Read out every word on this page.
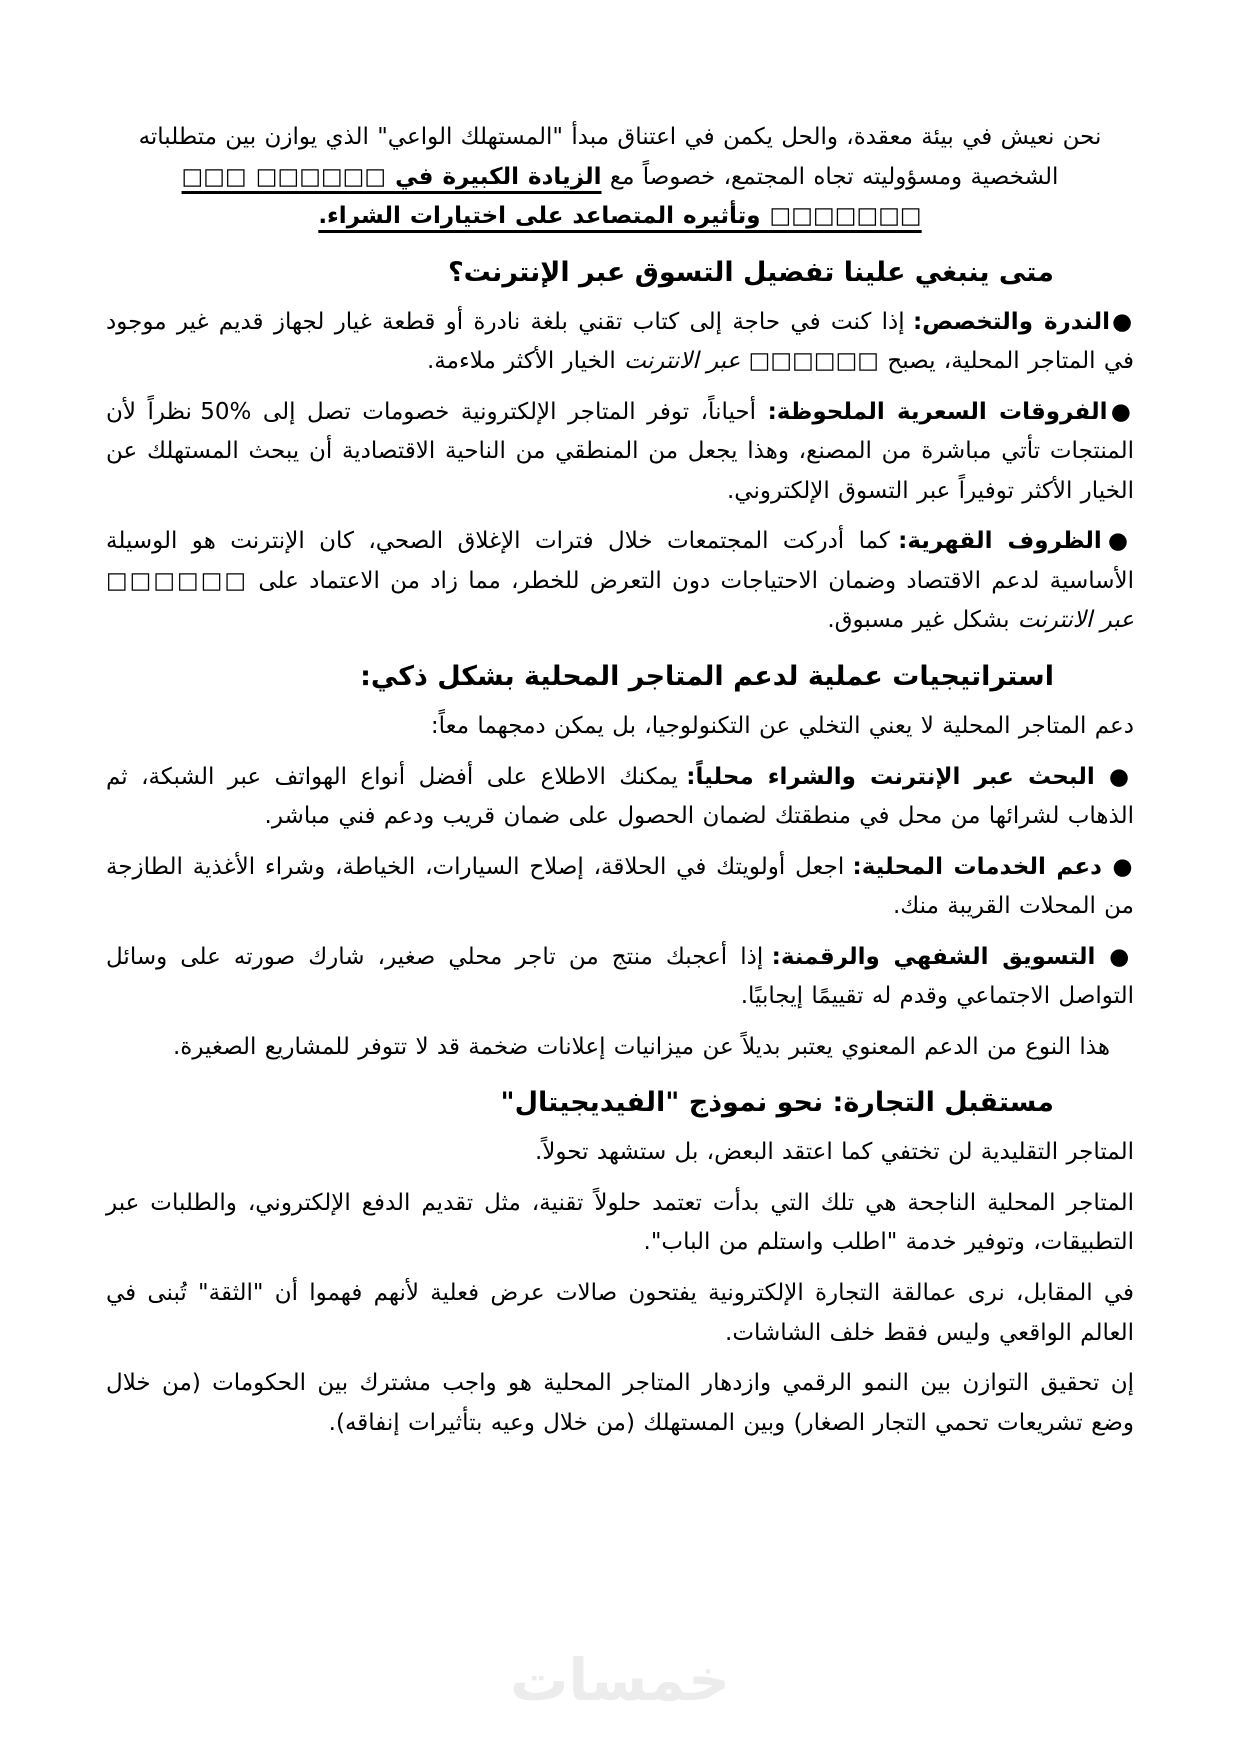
نحن نعيش في بيئة معقدة، والحل يكمن في اعتناق مبدأ "المستهلك الواعي" الذي يوازن بين متطلباته الشخصية ومسؤوليته تجاه المجتمع، خصوصاً مع الزيادة الكبيرة في □□□□□□ □□□ □□□□□□□ وتأثيره المتصاعد على اختيارات الشراء.

متى ينبغي علينا تفضيل التسوق عبر الإنترنت؟

●الندرة والتخصص: إذا كنت في حاجة إلى كتاب تقني بلغة نادرة أو قطعة غيار لجهاز قديم غير موجود في المتاجر المحلية، يصبح □□□□□□ عبر الانترنت الخيار الأكثر ملاءمة.

●الفروقات السعرية الملحوظة: أحياناً، توفر المتاجر الإلكترونية خصومات تصل إلى %50 نظراً لأن المنتجات تأتي مباشرة من المصنع، وهذا يجعل من المنطقي من الناحية الاقتصادية أن يبحث المستهلك عن الخيار الأكثر توفيراً عبر التسوق الإلكتروني.

●الظروف القهرية: كما أدركت المجتمعات خلال فترات الإغلاق الصحي، كان الإنترنت هو الوسيلة الأساسية لدعم الاقتصاد وضمان الاحتياجات دون التعرض للخطر، مما زاد من الاعتماد على □□□□□□ عبر الانترنت بشكل غير مسبوق.

استراتيجيات عملية لدعم المتاجر المحلية بشكل ذكي:

دعم المتاجر المحلية لا يعني التخلي عن التكنولوجيا، بل يمكن دمجهما معاً:

● البحث عبر الإنترنت والشراء محلياً: يمكنك الاطلاع على أفضل أنواع الهواتف عبر الشبكة، ثم الذهاب لشرائها من محل في منطقتك لضمان الحصول على ضمان قريب ودعم فني مباشر.

● دعم الخدمات المحلية: اجعل أولويتك في الحلاقة، إصلاح السيارات، الخياطة، وشراء الأغذية الطازجة من المحلات القريبة منك.

● التسويق الشفهي والرقمنة: إذا أعجبك منتج من تاجر محلي صغير، شارك صورته على وسائل التواصل الاجتماعي وقدم له تقييمًا إيجابيًا.

هذا النوع من الدعم المعنوي يعتبر بديلاً عن ميزانيات إعلانات ضخمة قد لا تتوفر للمشاريع الصغيرة.

مستقبل التجارة: نحو نموذج "الفيديجيتال"

المتاجر التقليدية لن تختفي كما اعتقد البعض، بل ستشهد تحولاً.

المتاجر المحلية الناجحة هي تلك التي بدأت تعتمد حلولاً تقنية، مثل تقديم الدفع الإلكتروني، والطلبات عبر التطبيقات، وتوفير خدمة "اطلب واستلم من الباب".

في المقابل، نرى عمالقة التجارة الإلكترونية يفتحون صالات عرض فعلية لأنهم فهموا أن "الثقة" تُبنى في العالم الواقعي وليس فقط خلف الشاشات.

إن تحقيق التوازن بين النمو الرقمي وازدهار المتاجر المحلية هو واجب مشترك بين الحكومات (من خلال وضع تشريعات تحمي التجار الصغار) وبين المستهلك (من خلال وعيه بتأثيرات إنفاقه).

خمسات
